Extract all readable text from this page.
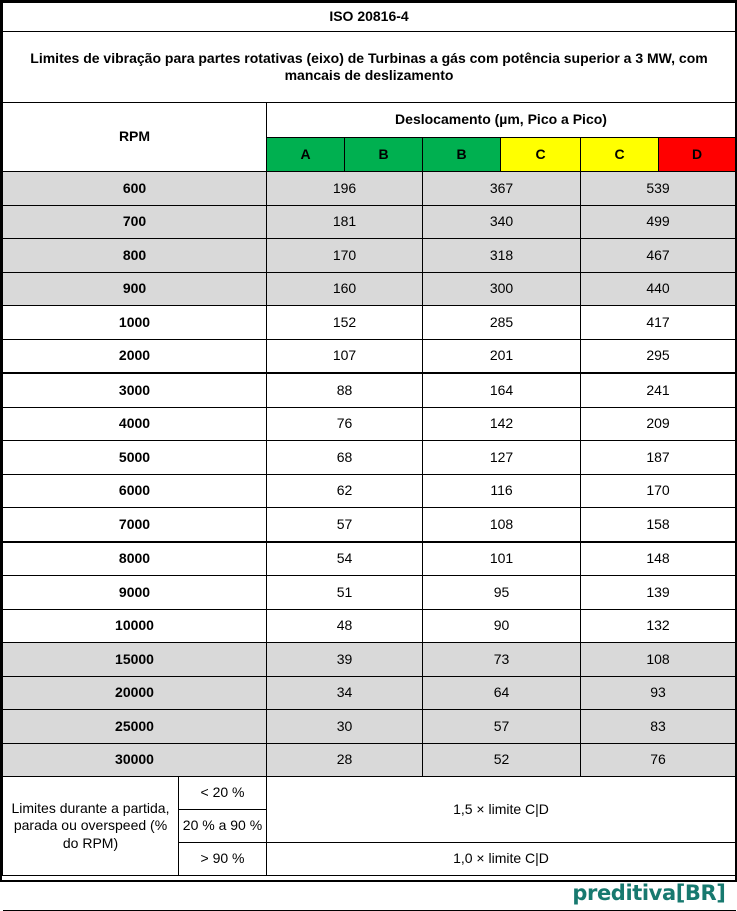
ISO 20816-4							
Limites de vibração para partes rotativas (eixo) de Turbinas a gás com potência superior a 3 MW, com mancais de deslizamento							
RPM		Deslocamento (µm, Pico a Pico)					
		A	B	B	C	C	D
600		196		367		539	
700		181		340		499	
800		170		318		467	
900		160		300		440	
1000		152		285		417	
2000		107		201		295	
3000		88		164		241	
4000		76		142		209	
5000		68		127		187	
6000		62		116		170	
7000		57		108		158	
8000		54		101		148	
9000		51		95		139	
10000		48		90		132	
15000		39		73		108	
20000		34		64		93	
25000		30		57		83	
30000		28		52		76	
Limites durante a partida, parada ou overspeed (% do RPM)	< 20 %	1,5 × limite C|D					
	20 % a 90 %						
	> 90 %	1,0 × limite C|D					
preditiva[BR]							
